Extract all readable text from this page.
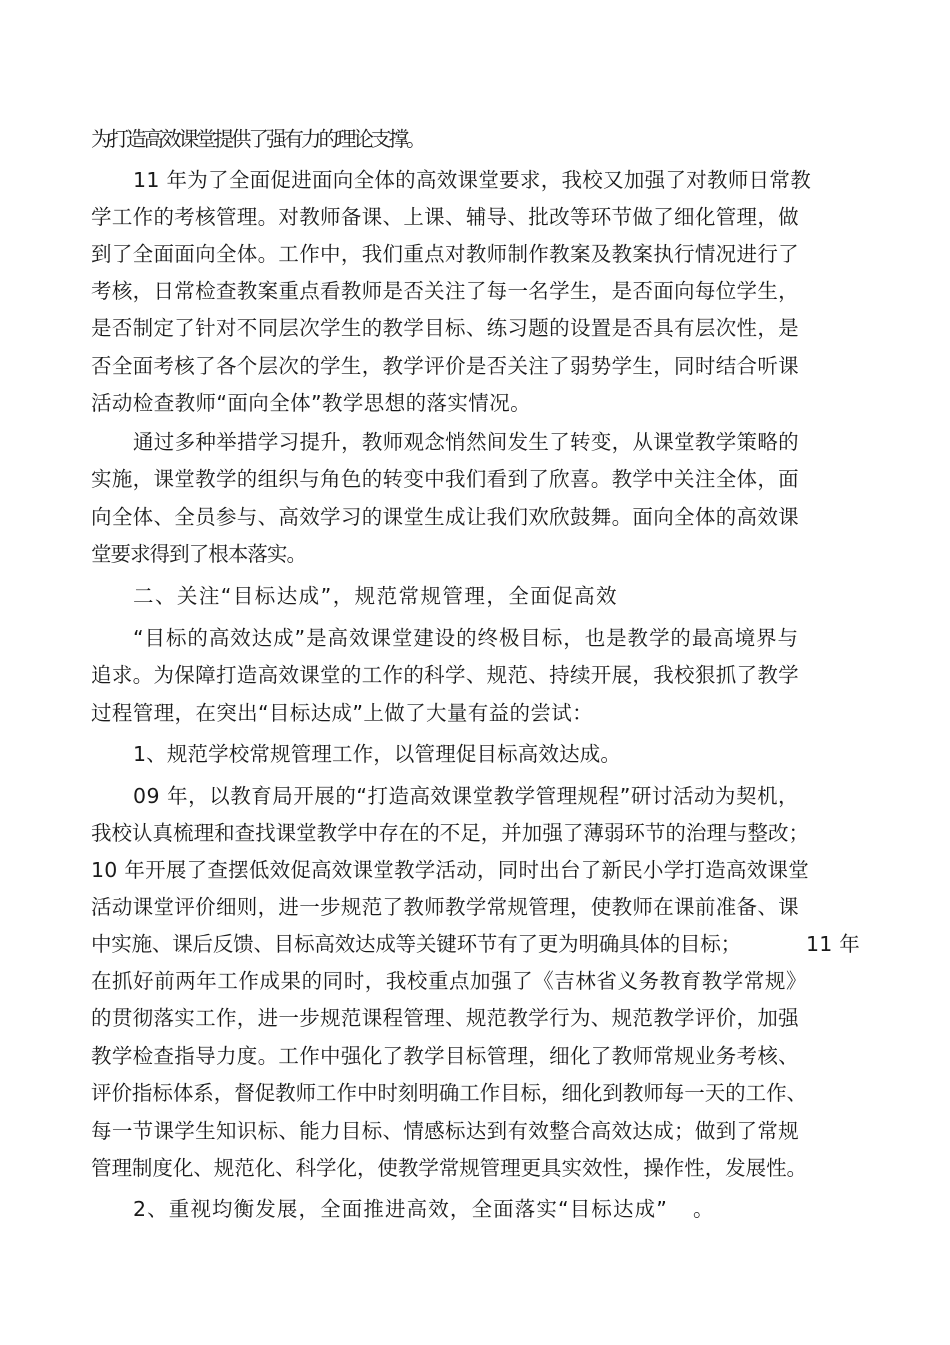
为打造高效课堂提供了强有力的理论支撑。
11 年为了全面促进面向全体的高效课堂要求，我校又加强了对教师日常教
学工作的考核管理。对教师备课、上课、辅导、批改等环节做了细化管理，做
到了全面面向全体。工作中，我们重点对教师制作教案及教案执行情况进行了
考核，日常检查教案重点看教师是否关注了每一名学生，是否面向每位学生，
是否制定了针对不同层次学生的教学目标、练习题的设置是否具有层次性，是
否全面考核了各个层次的学生，教学评价是否关注了弱势学生，同时结合听课
活动检查教师“面向全体”教学思想的落实情况。
通过多种举措学习提升，教师观念悄然间发生了转变，从课堂教学策略的
实施，课堂教学的组织与角色的转变中我们看到了欣喜。教学中关注全体，面
向全体、全员参与、高效学习的课堂生成让我们欢欣鼓舞。面向全体的高效课
堂要求得到了根本落实。
二、关注“目标达成”，规范常规管理，全面促高效
“目标的高效达成”是高效课堂建设的终极目标，也是教学的最高境界与
追求。为保障打造高效课堂的工作的科学、规范、持续开展，我校狠抓了教学
过程管理，在突出“目标达成”上做了大量有益的尝试：
1、规范学校常规管理工作，以管理促目标高效达成。
09 年，以教育局开展的“打造高效课堂教学管理规程”研讨活动为契机，
我校认真梳理和查找课堂教学中存在的不足，并加强了薄弱环节的治理与整改；
10 年开展了查摆低效促高效课堂教学活动，同时出台了新民小学打造高效课堂
活动课堂评价细则，进一步规范了教师教学常规管理，使教师在课前准备、课
中实施、课后反馈、目标高效达成等关键环节有了更为明确具体的目标；	11 年
在抓好前两年工作成果的同时，我校重点加强了《吉林省义务教育教学常规》
的贯彻落实工作，进一步规范课程管理、规范教学行为、规范教学评价，加强
教学检查指导力度。工作中强化了教学目标管理，细化了教师常规业务考核、
评价指标体系，督促教师工作中时刻明确工作目标，细化到教师每一天的工作、
每一节课学生知识标、能力目标、情感标达到有效整合高效达成；做到了常规
管理制度化、规范化、科学化，使教学常规管理更具实效性，操作性，发展性。
2、重视均衡发展，全面推进高效，全面落实“目标达成” 。
